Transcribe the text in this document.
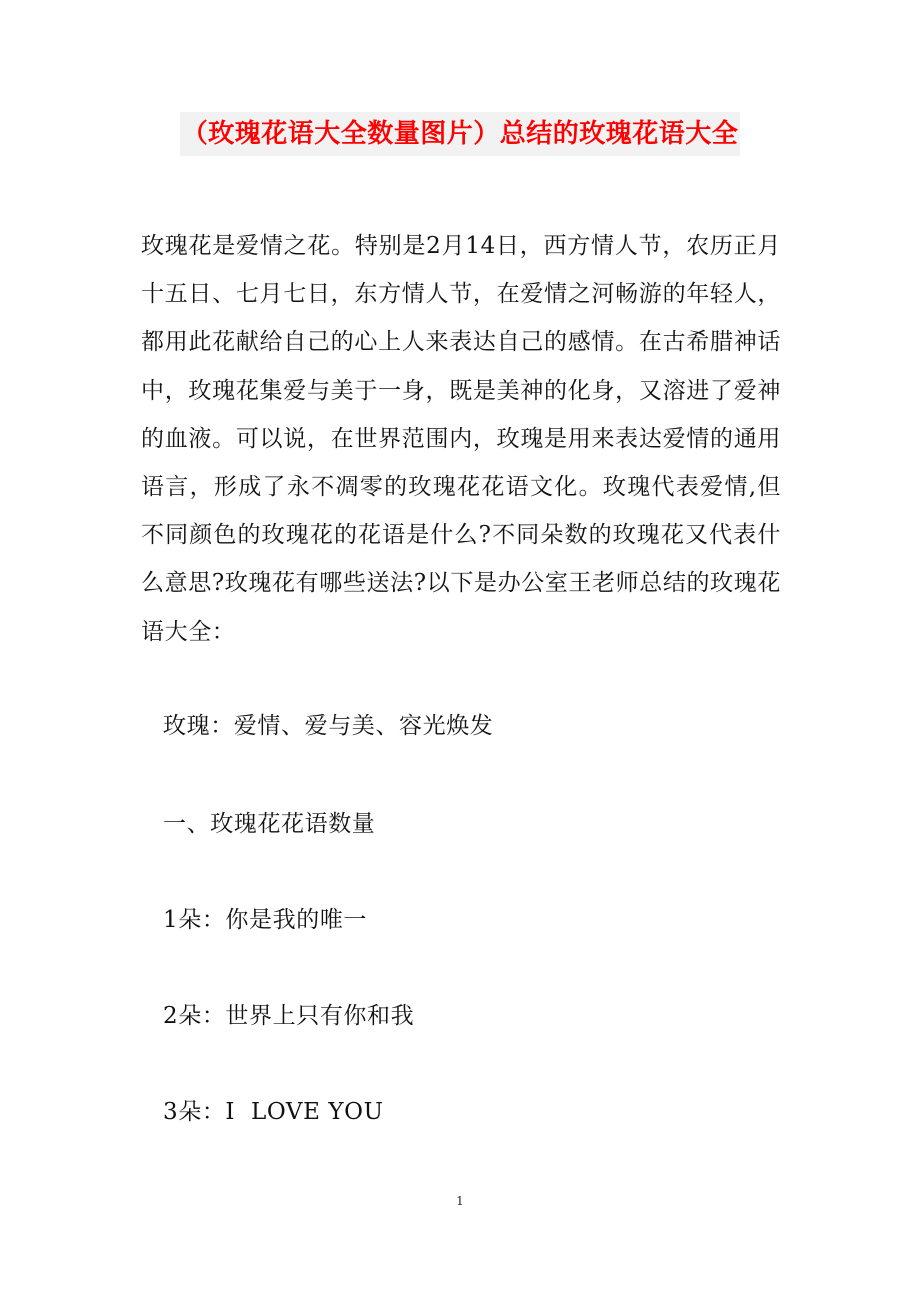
（玫瑰花语大全数量图片）总结的玫瑰花语大全

玫瑰花是爱情之花。特别是2月14日，西方情人节，农历正月十五日、七月七日，东方情人节，在爱情之河畅游的年轻人，都用此花献给自己的心上人来表达自己的感情。在古希腊神话中，玫瑰花集爱与美于一身，既是美神的化身，又溶进了爱神的血液。可以说，在世界范围内，玫瑰是用来表达爱情的通用语言，形成了永不凋零的玫瑰花花语文化。玫瑰代表爱情,但不同颜色的玫瑰花的花语是什么?不同朵数的玫瑰花又代表什么意思?玫瑰花有哪些送法?以下是办公室王老师总结的玫瑰花语大全：

玫瑰：爱情、爱与美、容光焕发

一、玫瑰花花语数量

1朵：你是我的唯一

2朵：世界上只有你和我

3朵：I  LOVE YOU

1
